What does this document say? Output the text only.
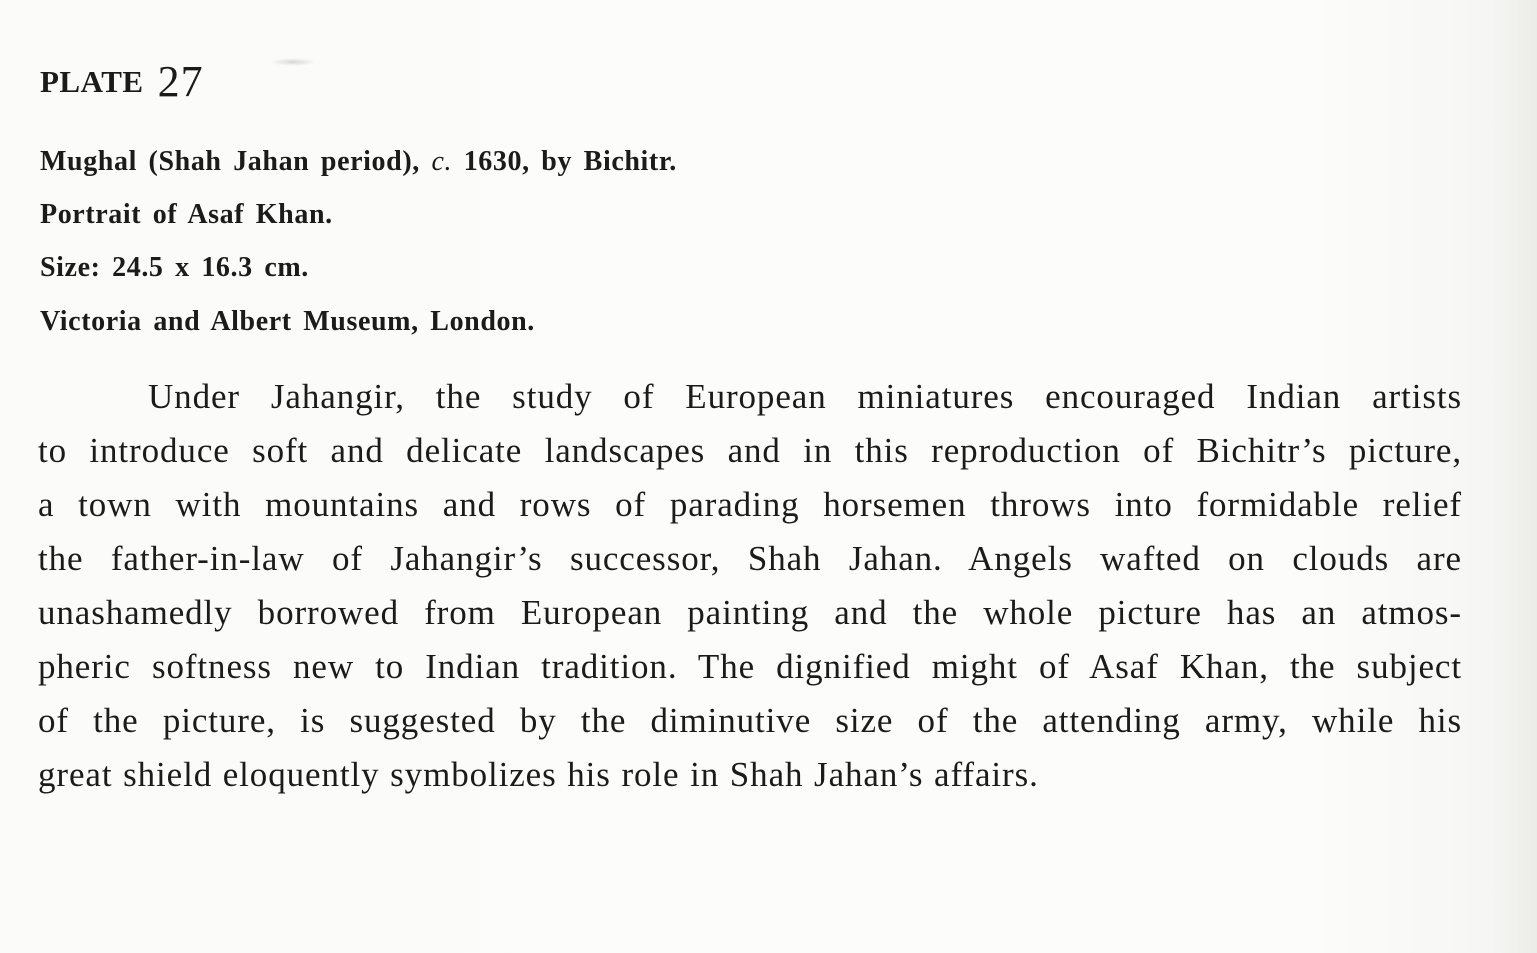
PLATE 27
Mughal (Shah Jahan period), c. 1630, by Bichitr.
Portrait of Asaf Khan.
Size: 24.5 x 16.3 cm.
Victoria and Albert Museum, London.
Under Jahangir, the study of European miniatures encouraged Indian artists
to introduce soft and delicate landscapes and in this reproduction of Bichitr’s picture,
a town with mountains and rows of parading horsemen throws into formidable relief
the father-in-law of Jahangir’s successor, Shah Jahan. Angels wafted on clouds are
unashamedly borrowed from European painting and the whole picture has an atmos-
pheric softness new to Indian tradition. The dignified might of Asaf Khan, the subject
of the picture, is suggested by the diminutive size of the attending army, while his
great shield eloquently symbolizes his role in Shah Jahan’s affairs.
